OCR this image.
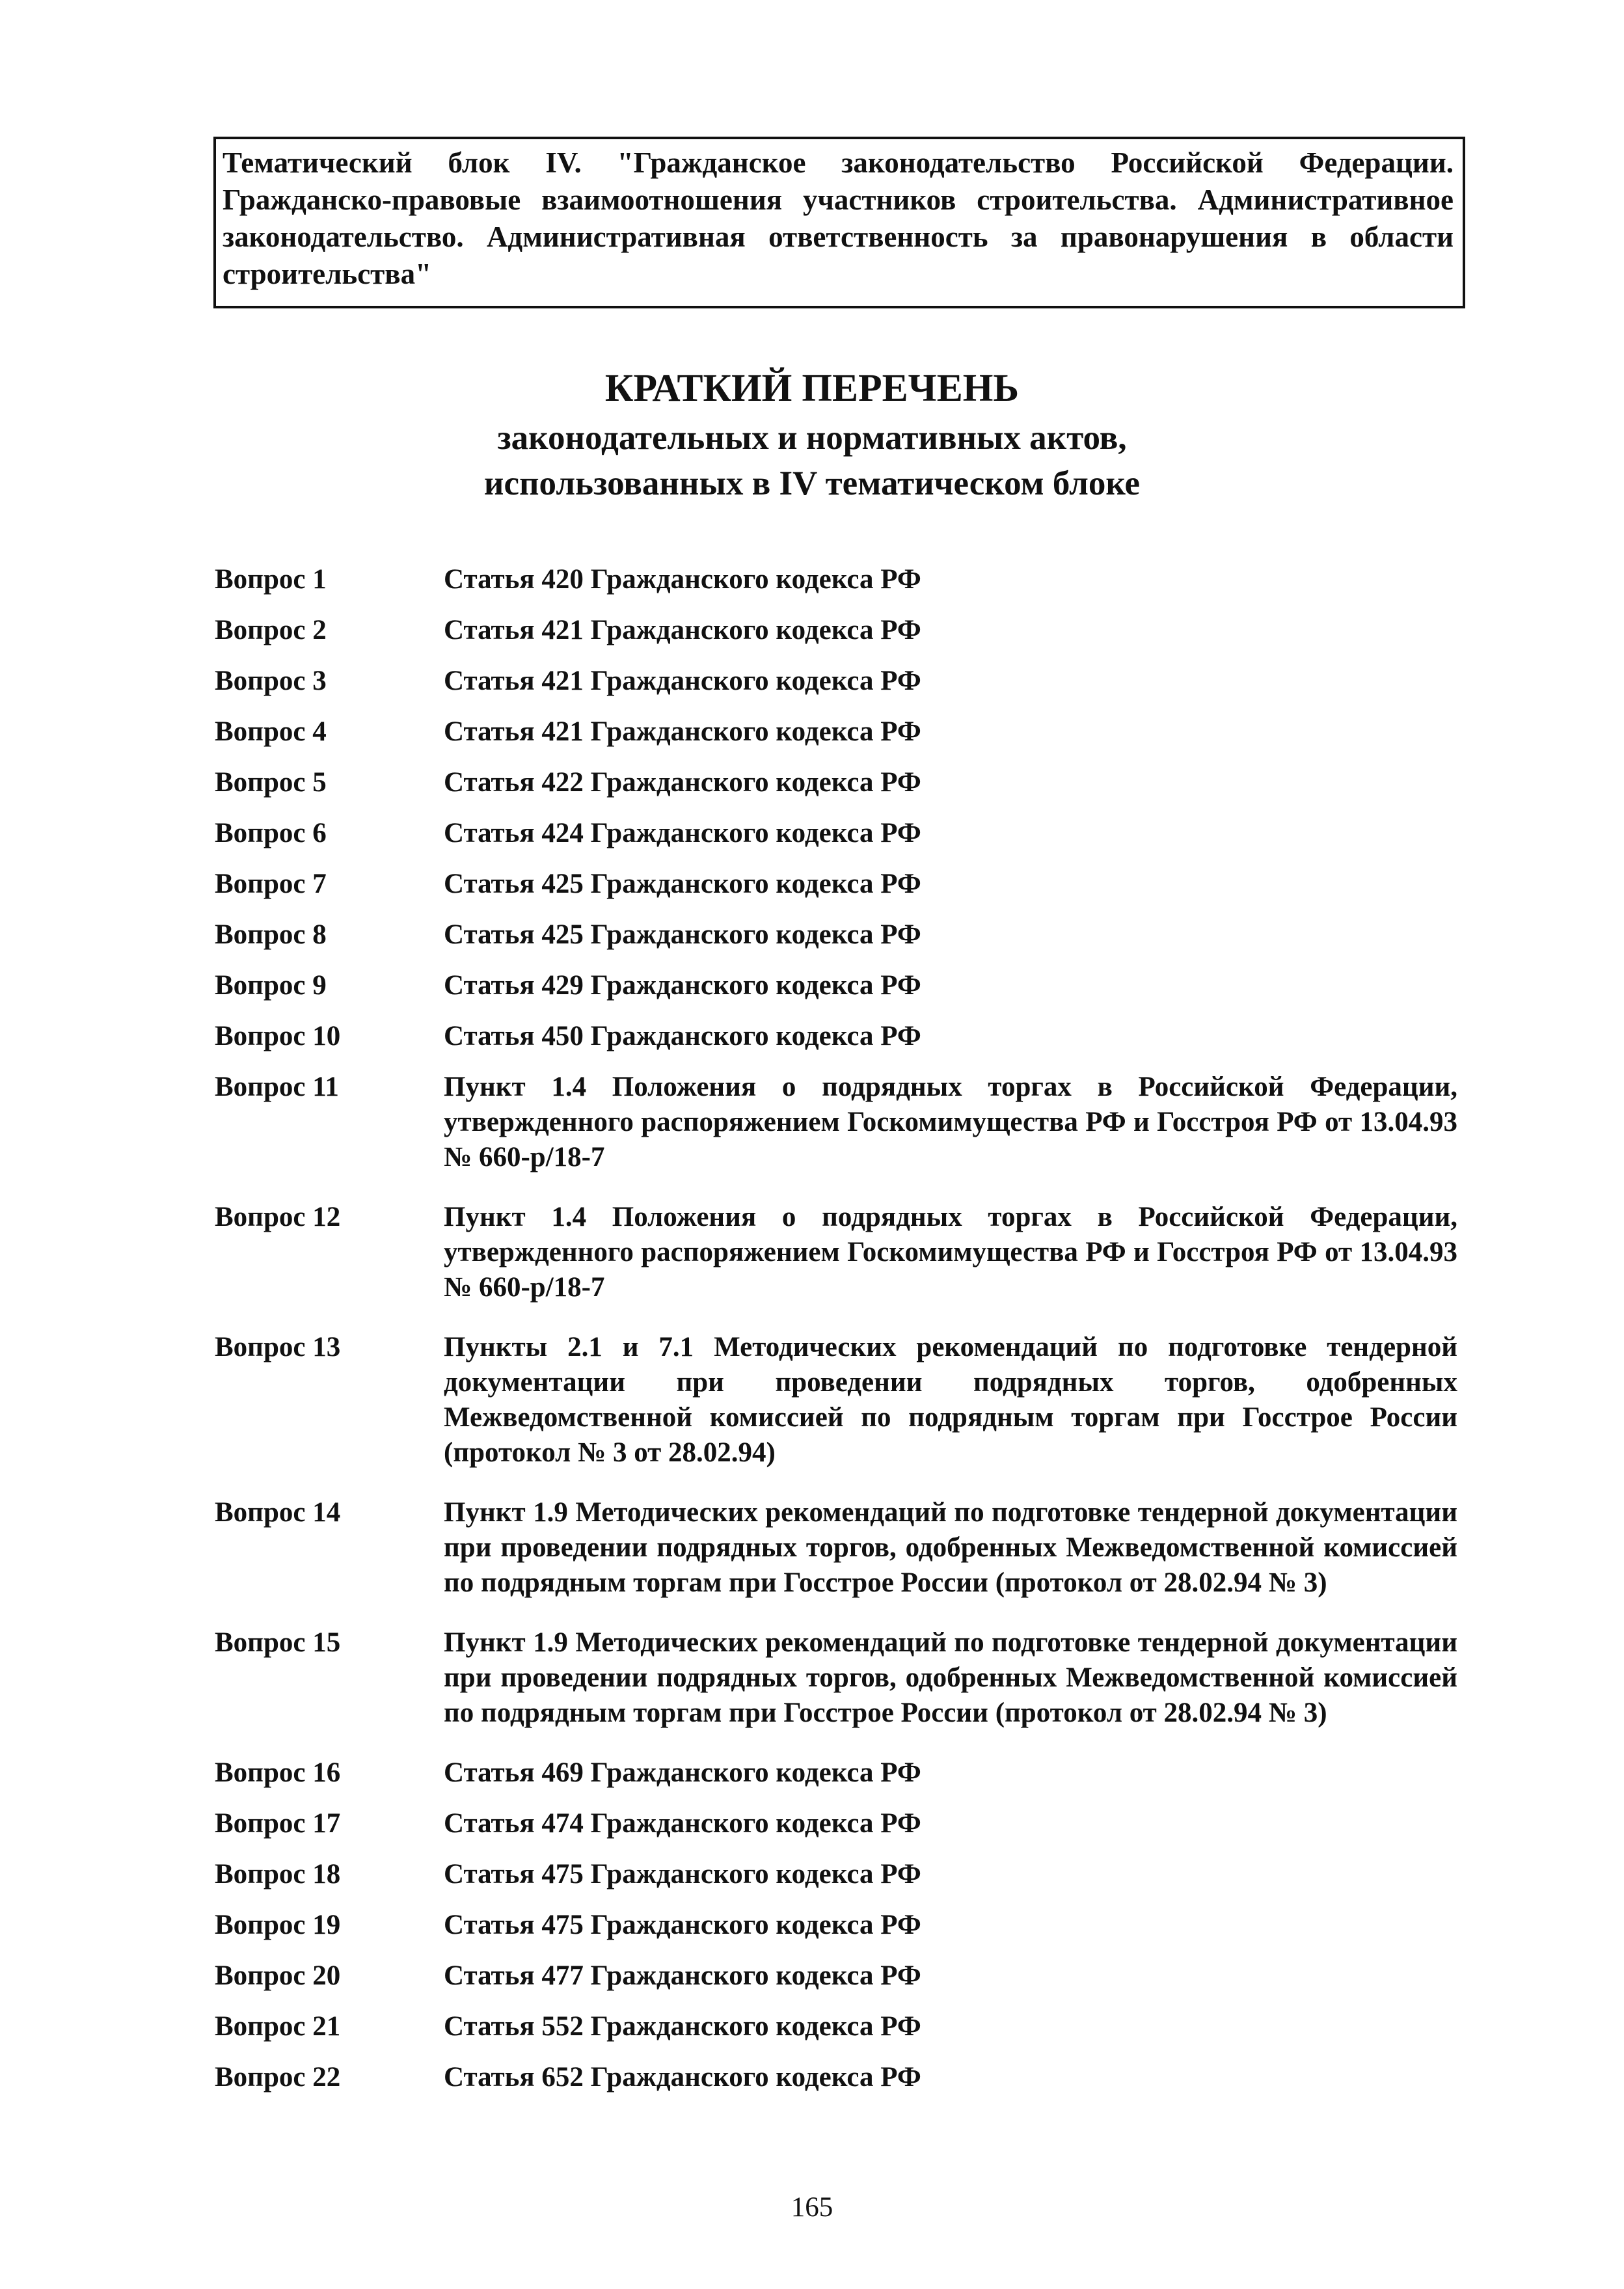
Тематический блок IV. "Гражданское законодательство Российской Федерации. Гражданско-правовые взаимоотношения участников строительства. Административное законодательство. Административная ответственность за правонарушения в области строительства"
КРАТКИЙ ПЕРЕЧЕНЬ
законодательных и нормативных актов,
использованных в IV тематическом блоке
Вопрос 1	Статья 420 Гражданского кодекса РФ
Вопрос 2	Статья 421 Гражданского кодекса РФ
Вопрос 3	Статья 421 Гражданского кодекса РФ
Вопрос 4	Статья 421 Гражданского кодекса РФ
Вопрос 5	Статья 422 Гражданского кодекса РФ
Вопрос 6	Статья 424 Гражданского кодекса РФ
Вопрос 7	Статья 425 Гражданского кодекса РФ
Вопрос 8	Статья 425 Гражданского кодекса РФ
Вопрос 9	Статья 429 Гражданского кодекса РФ
Вопрос 10	Статья 450 Гражданского кодекса РФ
Вопрос 11	Пункт 1.4 Положения о подрядных торгах в Российской Федерации, утвержденного распоряжением Госкомимущества РФ и Госстроя РФ от 13.04.93 № 660-р/18-7
Вопрос 12	Пункт 1.4 Положения о подрядных торгах в Российской Федерации, утвержденного распоряжением Госкомимущества РФ и Госстроя РФ от 13.04.93 № 660-р/18-7
Вопрос 13	Пункты 2.1 и 7.1 Методических рекомендаций по подготовке тендерной документации при проведении подрядных торгов, одобренных Межведомственной комиссией по подрядным торгам при Госстрое России (протокол № 3 от 28.02.94)
Вопрос 14	Пункт 1.9 Методических рекомендаций по подготовке тендерной документации при проведении подрядных торгов, одобренных Межведомственной комиссией по подрядным торгам при Госстрое России (протокол от 28.02.94 № 3)
Вопрос 15	Пункт 1.9 Методических рекомендаций по подготовке тендерной документации при проведении подрядных торгов, одобренных Межведомственной комиссией по подрядным торгам при Госстрое России (протокол от 28.02.94 № 3)
Вопрос 16	Статья 469 Гражданского кодекса РФ
Вопрос 17	Статья 474 Гражданского кодекса РФ
Вопрос 18	Статья 475 Гражданского кодекса РФ
Вопрос 19	Статья 475 Гражданского кодекса РФ
Вопрос 20	Статья 477 Гражданского кодекса РФ
Вопрос 21	Статья 552 Гражданского кодекса РФ
Вопрос 22	Статья 652 Гражданского кодекса РФ
165
